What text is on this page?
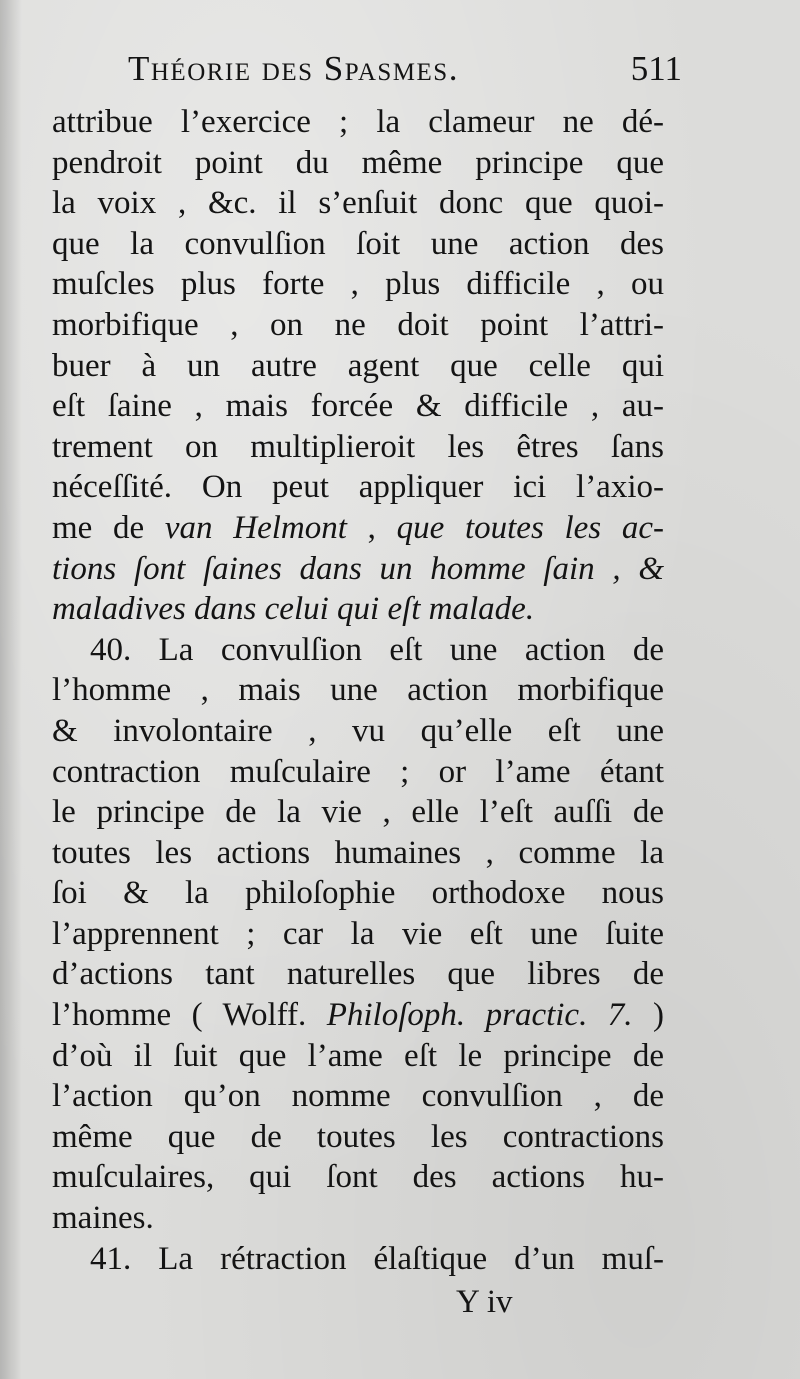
Théorie des Spasmes.	511
attribue l’exercice ; la clameur ne dé-
pendroit point du même principe que
la voix , &c. il s’enſuit donc que quoi-
que la convulſion ſoit une action des
muſcles plus forte , plus difficile , ou
morbifique , on ne doit point l’attri-
buer à un autre agent que celle qui
eſt ſaine , mais forcée & difficile , au-
trement on multiplieroit les êtres ſans
néceſſité. On peut appliquer ici l’axio-
me de van Helmont , que toutes les ac-
tions ſont ſaines dans un homme ſain , &
maladives dans celui qui eſt malade.
40. La convulſion eſt une action de
l’homme , mais une action morbifique
& involontaire , vu qu’elle eſt une
contraction muſculaire ; or l’ame étant
le principe de la vie , elle l’eſt auſſi de
toutes les actions humaines , comme la
ſoi & la philoſophie orthodoxe nous
l’apprennent ; car la vie eſt une ſuite
d’actions tant naturelles que libres de
l’homme ( Wolff. Philoſoph. practic. 7. )
d’où il ſuit que l’ame eſt le principe de
l’action qu’on nomme convulſion , de
même que de toutes les contractions
muſculaires, qui ſont des actions hu-
maines.
41. La rétraction élaſtique d’un muſ-
Y iv
